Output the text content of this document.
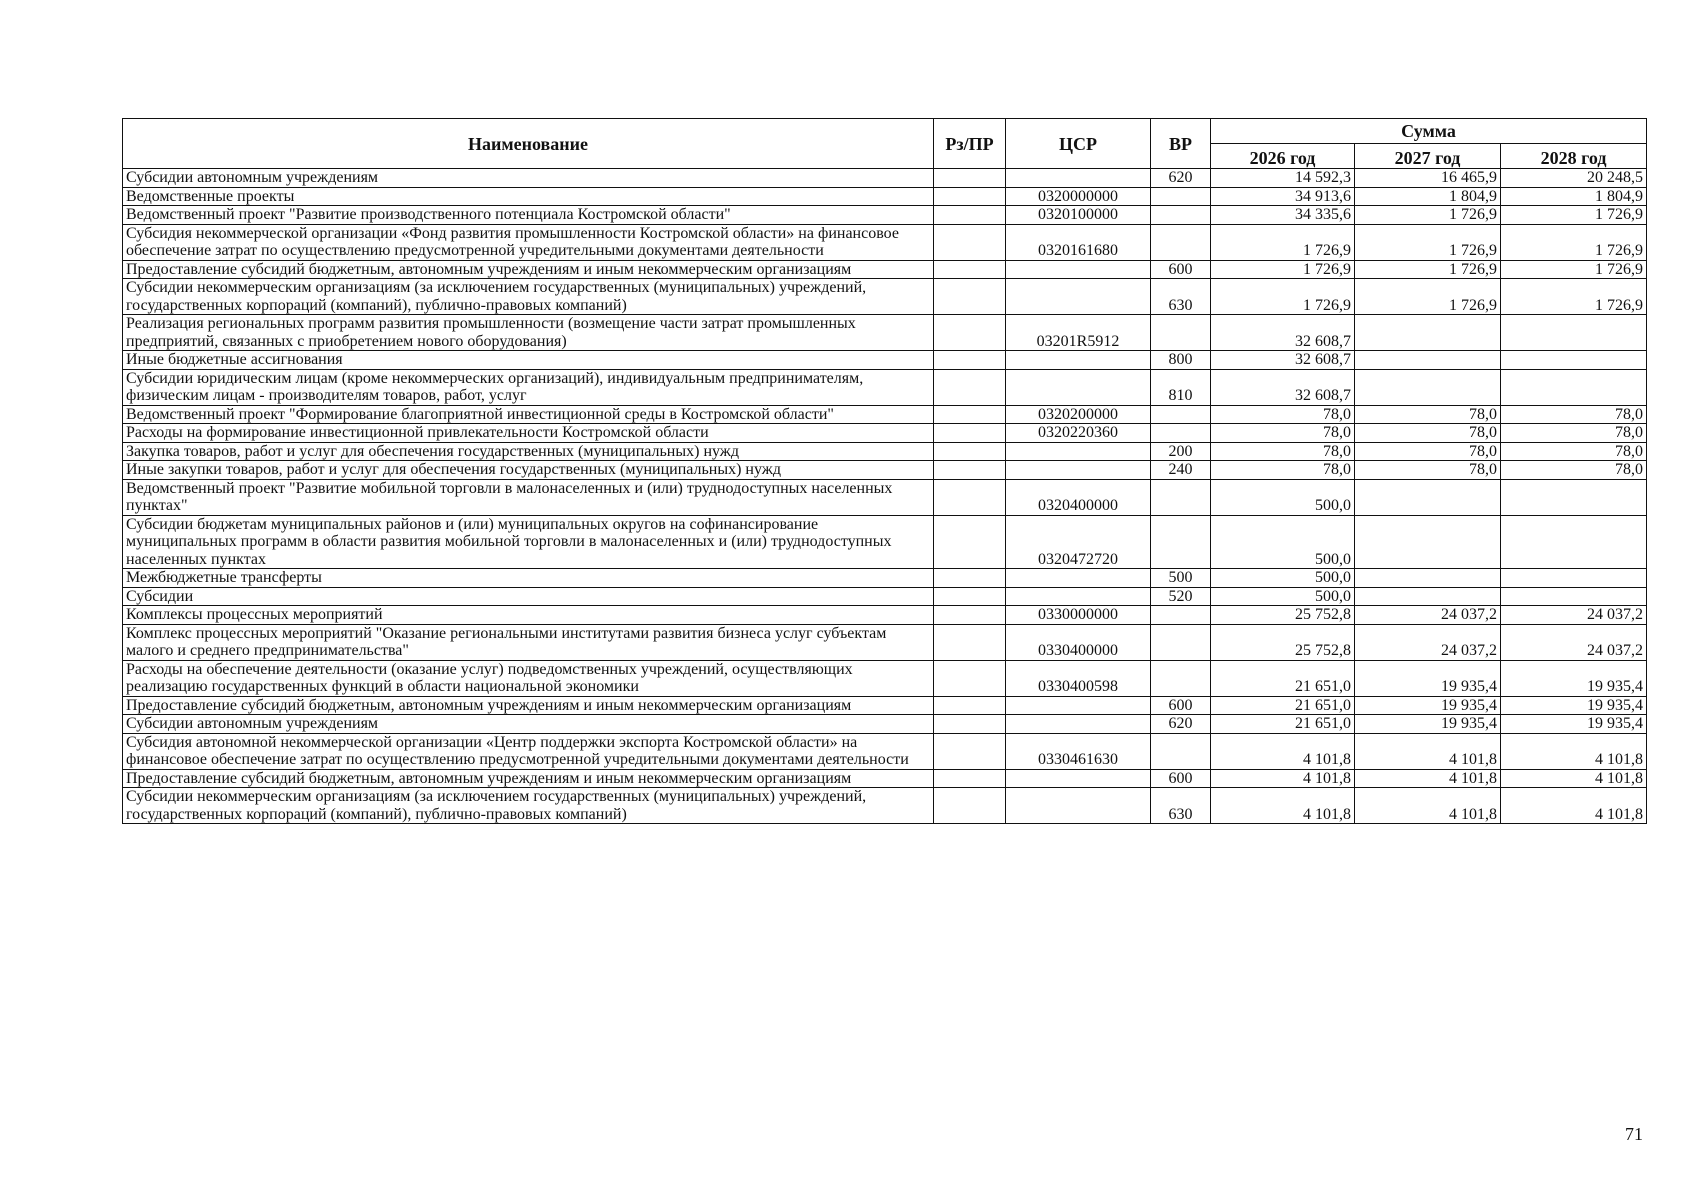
Наименование	Рз/ПР	ЦСР	ВР	Сумма		
				2026 год	2027 год	2028 год
Субсидии автономным учреждениям			620	14 592,3	16 465,9	20 248,5
Ведомственные проекты		0320000000		34 913,6	1 804,9	1 804,9
Ведомственный проект "Развитие производственного потенциала Костромской области"		0320100000		34 335,6	1 726,9	1 726,9
Субсидия некоммерческой организации «Фонд развития промышленности Костромской области» на финансовое обеспечение затрат по осуществлению предусмотренной учредительными документами деятельности		0320161680		1 726,9	1 726,9	1 726,9
Предоставление субсидий бюджетным, автономным учреждениям и иным некоммерческим организациям			600	1 726,9	1 726,9	1 726,9
Субсидии некоммерческим организациям (за исключением государственных (муниципальных) учреждений, государственных корпораций (компаний), публично-правовых компаний)			630	1 726,9	1 726,9	1 726,9
Реализация региональных программ развития промышленности (возмещение части затрат промышленных предприятий, связанных с приобретением нового оборудования)		03201R5912		32 608,7		
Иные бюджетные ассигнования			800	32 608,7		
Субсидии юридическим лицам (кроме некоммерческих организаций), индивидуальным предпринимателям, физическим лицам - производителям товаров, работ, услуг			810	32 608,7		
Ведомственный проект "Формирование благоприятной инвестиционной среды в Костромской области"		0320200000		78,0	78,0	78,0
Расходы на формирование инвестиционной привлекательности Костромской области		0320220360		78,0	78,0	78,0
Закупка товаров, работ и услуг для обеспечения государственных (муниципальных) нужд			200	78,0	78,0	78,0
Иные закупки товаров, работ и услуг для обеспечения государственных (муниципальных) нужд			240	78,0	78,0	78,0
Ведомственный проект "Развитие мобильной торговли в малонаселенных и (или) труднодоступных населенных пунктах"		0320400000		500,0		
Субсидии бюджетам муниципальных районов и (или) муниципальных округов на софинансирование муниципальных программ в области развития мобильной торговли в малонаселенных и (или) труднодоступных населенных пунктах		0320472720		500,0		
Межбюджетные трансферты			500	500,0		
Субсидии			520	500,0		
Комплексы процессных мероприятий		0330000000		25 752,8	24 037,2	24 037,2
Комплекс процессных мероприятий "Оказание региональными институтами развития бизнеса услуг субъектам малого и среднего предпринимательства"		0330400000		25 752,8	24 037,2	24 037,2
Расходы на обеспечение деятельности (оказание услуг) подведомственных учреждений, осуществляющих реализацию государственных функций в области национальной экономики		0330400598		21 651,0	19 935,4	19 935,4
Предоставление субсидий бюджетным, автономным учреждениям и иным некоммерческим организациям			600	21 651,0	19 935,4	19 935,4
Субсидии автономным учреждениям			620	21 651,0	19 935,4	19 935,4
Субсидия автономной некоммерческой организации «Центр поддержки экспорта Костромской области» на финансовое обеспечение затрат по осуществлению предусмотренной учредительными документами деятельности		0330461630		4 101,8	4 101,8	4 101,8
Предоставление субсидий бюджетным, автономным учреждениям и иным некоммерческим организациям			600	4 101,8	4 101,8	4 101,8
Субсидии некоммерческим организациям (за исключением государственных (муниципальных) учреждений, государственных корпораций (компаний), публично-правовых компаний)			630	4 101,8	4 101,8	4 101,8
71
